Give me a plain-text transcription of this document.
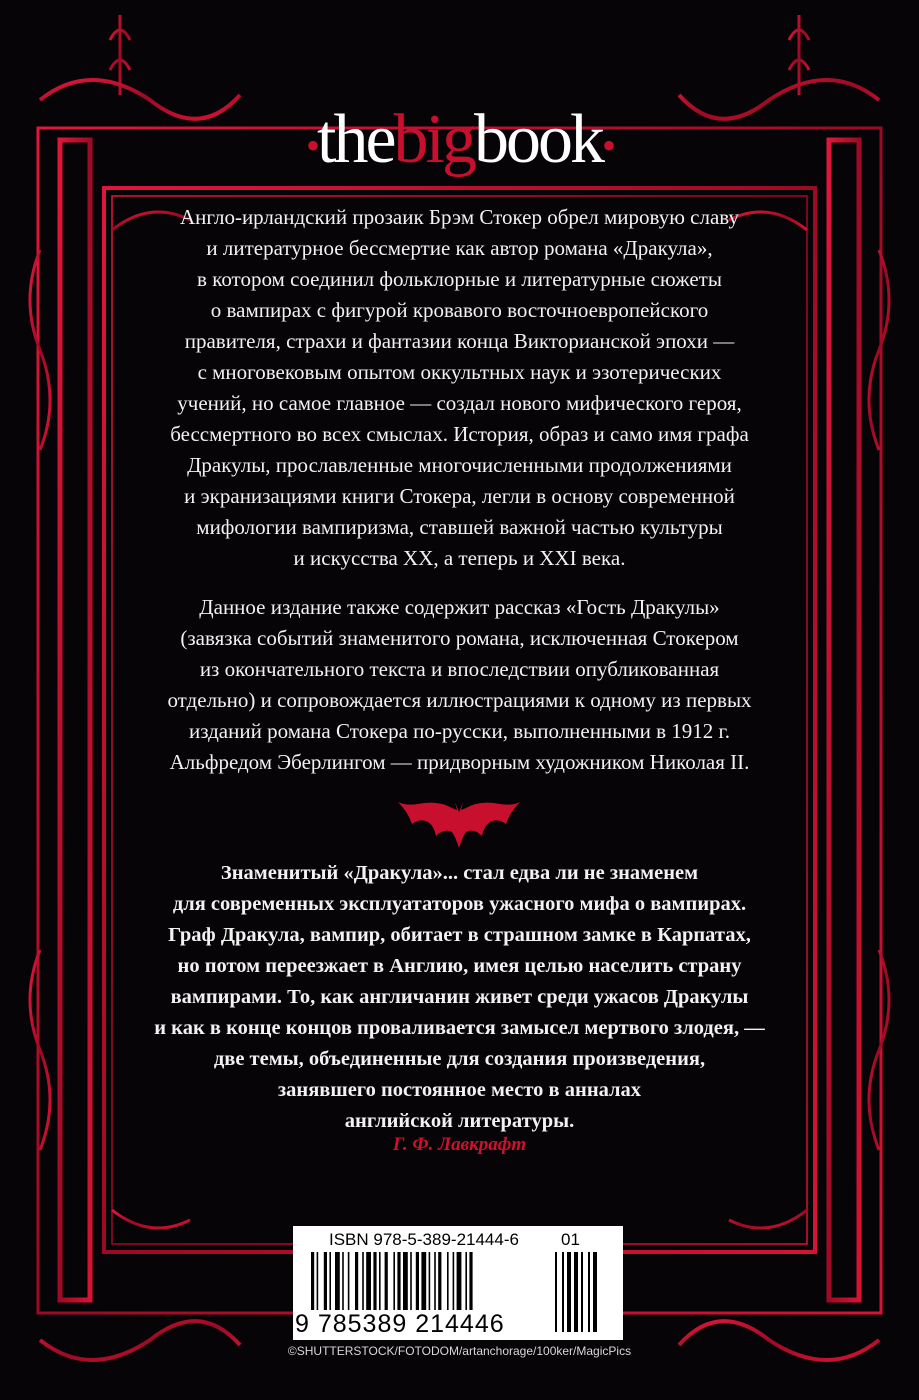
•thebigbook•
Англо-ирландский прозаик Брэм Стокер обрел мировую славу
и литературное бессмертие как автор романа «Дракула»,
в котором соединил фольклорные и литературные сюжеты
о вампирах с фигурой кровавого восточноевропейского
правителя, страхи и фантазии конца Викторианской эпохи —
с многовековым опытом оккультных наук и эзотерических
учений, но самое главное — создал нового мифического героя,
бессмертного во всех смыслах. История, образ и само имя графа
Дракулы, прославленные многочисленными продолжениями
и экранизациями книги Стокера, легли в основу современной
мифологии вампиризма, ставшей важной частью культуры
и искусства XX, а теперь и XXI века.
Данное издание также содержит рассказ «Гость Дракулы»
(завязка событий знаменитого романа, исключенная Стокером
из окончательного текста и впоследствии опубликованная
отдельно) и сопровождается иллюстрациями к одному из первых
изданий романа Стокера по-русски, выполненными в 1912 г.
Альфредом Эберлингом — придворным художником Николая II.
Знаменитый «Дракула»... стал едва ли не знаменем
для современных эксплуататоров ужасного мифа о вампирах.
Граф Дракула, вампир, обитает в страшном замке в Карпатах,
но потом переезжает в Англию, имея целью населить страну
вампирами. То, как англичанин живет среди ужасов Дракулы
и как в конце концов проваливается замысел мертвого злодея, —
две темы, объединенные для создания произведения,
занявшего постоянное место в анналах
английской литературы.
Г. Ф. Лавкрафт
ISBN 978-5-389-21444-6 01
9 785389 214446
©SHUTTERSTOCK/FOTODOM/artanchorage/100ker/MagicPics
